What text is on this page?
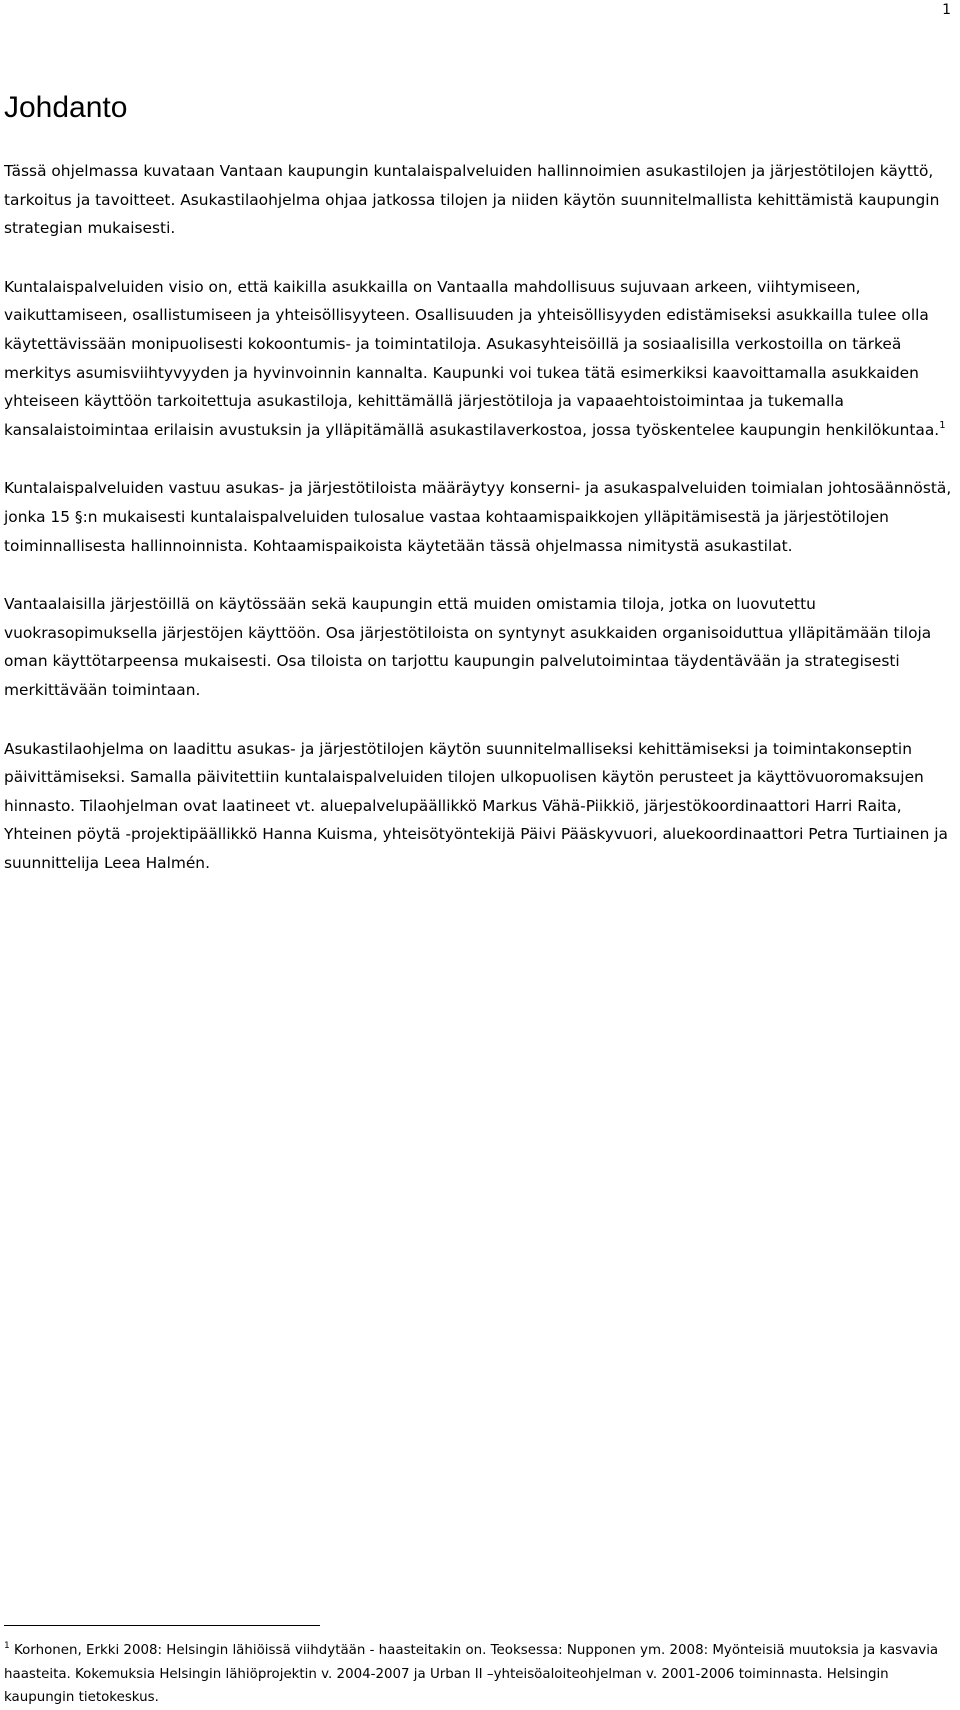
1
Johdanto

Tässä ohjelmassa kuvataan Vantaan kaupungin kuntalaispalveluiden hallinnoimien asukastilojen ja järjestötilojen käyttö, tarkoitus ja tavoitteet. Asukastilaohjelma ohjaa jatkossa tilojen ja niiden käytön suunnitelmallista kehittämistä kaupungin strategian mukaisesti.

Kuntalaispalveluiden visio on, että kaikilla asukkailla on Vantaalla mahdollisuus sujuvaan arkeen, viihtymiseen, vaikuttamiseen, osallistumiseen ja yhteisöllisyyteen. Osallisuuden ja yhteisöllisyyden edistämiseksi asukkailla tulee olla käytettävissään monipuolisesti kokoontumis- ja toimintatiloja. Asukasyhteisöillä ja sosiaalisilla verkostoilla on tärkeä merkitys asumisviihtyvyyden ja hyvinvoinnin kannalta. Kaupunki voi tukea tätä esimerkiksi kaavoittamalla asukkaiden yhteiseen käyttöön tarkoitettuja asukastiloja, kehittämällä järjestötiloja ja vapaaehtoistoimintaa ja tukemalla kansalaistoimintaa erilaisin avustuksin ja ylläpitämällä asukastilaverkostoa, jossa työskentelee kaupungin henkilökuntaa.$^1$

Kuntalaispalveluiden vastuu asukas- ja järjestötiloista määräytyy konserni- ja asukaspalveluiden toimialan johtosäännöstä, jonka 15 §:n mukaisesti kuntalaispalveluiden tulosalue vastaa kohtaamispaikkojen ylläpitämisestä ja järjestötilojen toiminnallisesta hallinnoinnista. Kohtaamispaikoista käytetään tässä ohjelmassa nimitystä asukastilat.

Vantaalaisilla järjestöillä on käytössään sekä kaupungin että muiden omistamia tiloja, jotka on luovutettu vuokrasopimuksella järjestöjen käyttöön. Osa järjestötiloista on syntynyt asukkaiden organisoiduttua ylläpitämään tiloja oman käyttötarpeensa mukaisesti. Osa tiloista on tarjottu kaupungin palvelutoimintaa täydentävään ja strategisesti merkittävään toimintaan.

Asukastilaohjelma on laadittu asukas- ja järjestötilojen käytön suunnitelmalliseksi kehittämiseksi ja toimintakonseptin päivittämiseksi. Samalla päivitettiin kuntalaispalveluiden tilojen ulkopuolisen käytön perusteet ja käyttövuoromaksujen hinnasto. Tilaohjelman ovat laatineet vt. aluepalvelupäällikkö Markus Vähä-Piikkiö, järjestökoordinaattori Harri Raita, Yhteinen pöytä -projektipäällikkö Hanna Kuisma, yhteisötyöntekijä Päivi Pääskyvuori, aluekoordinaattori Petra Turtiainen ja suunnittelija Leea Halmén.

$^1$ Korhonen, Erkki 2008: Helsingin lähiöissä viihdytään - haasteitakin on. Teoksessa: Nupponen ym. 2008: Myönteisiä muutoksia ja kasvavia haasteita. Kokemuksia Helsingin lähiöprojektin v. 2004-2007 ja Urban II –yhteisöaloiteohjelman v. 2001-2006 toiminnasta. Helsingin kaupungin tietokeskus.
